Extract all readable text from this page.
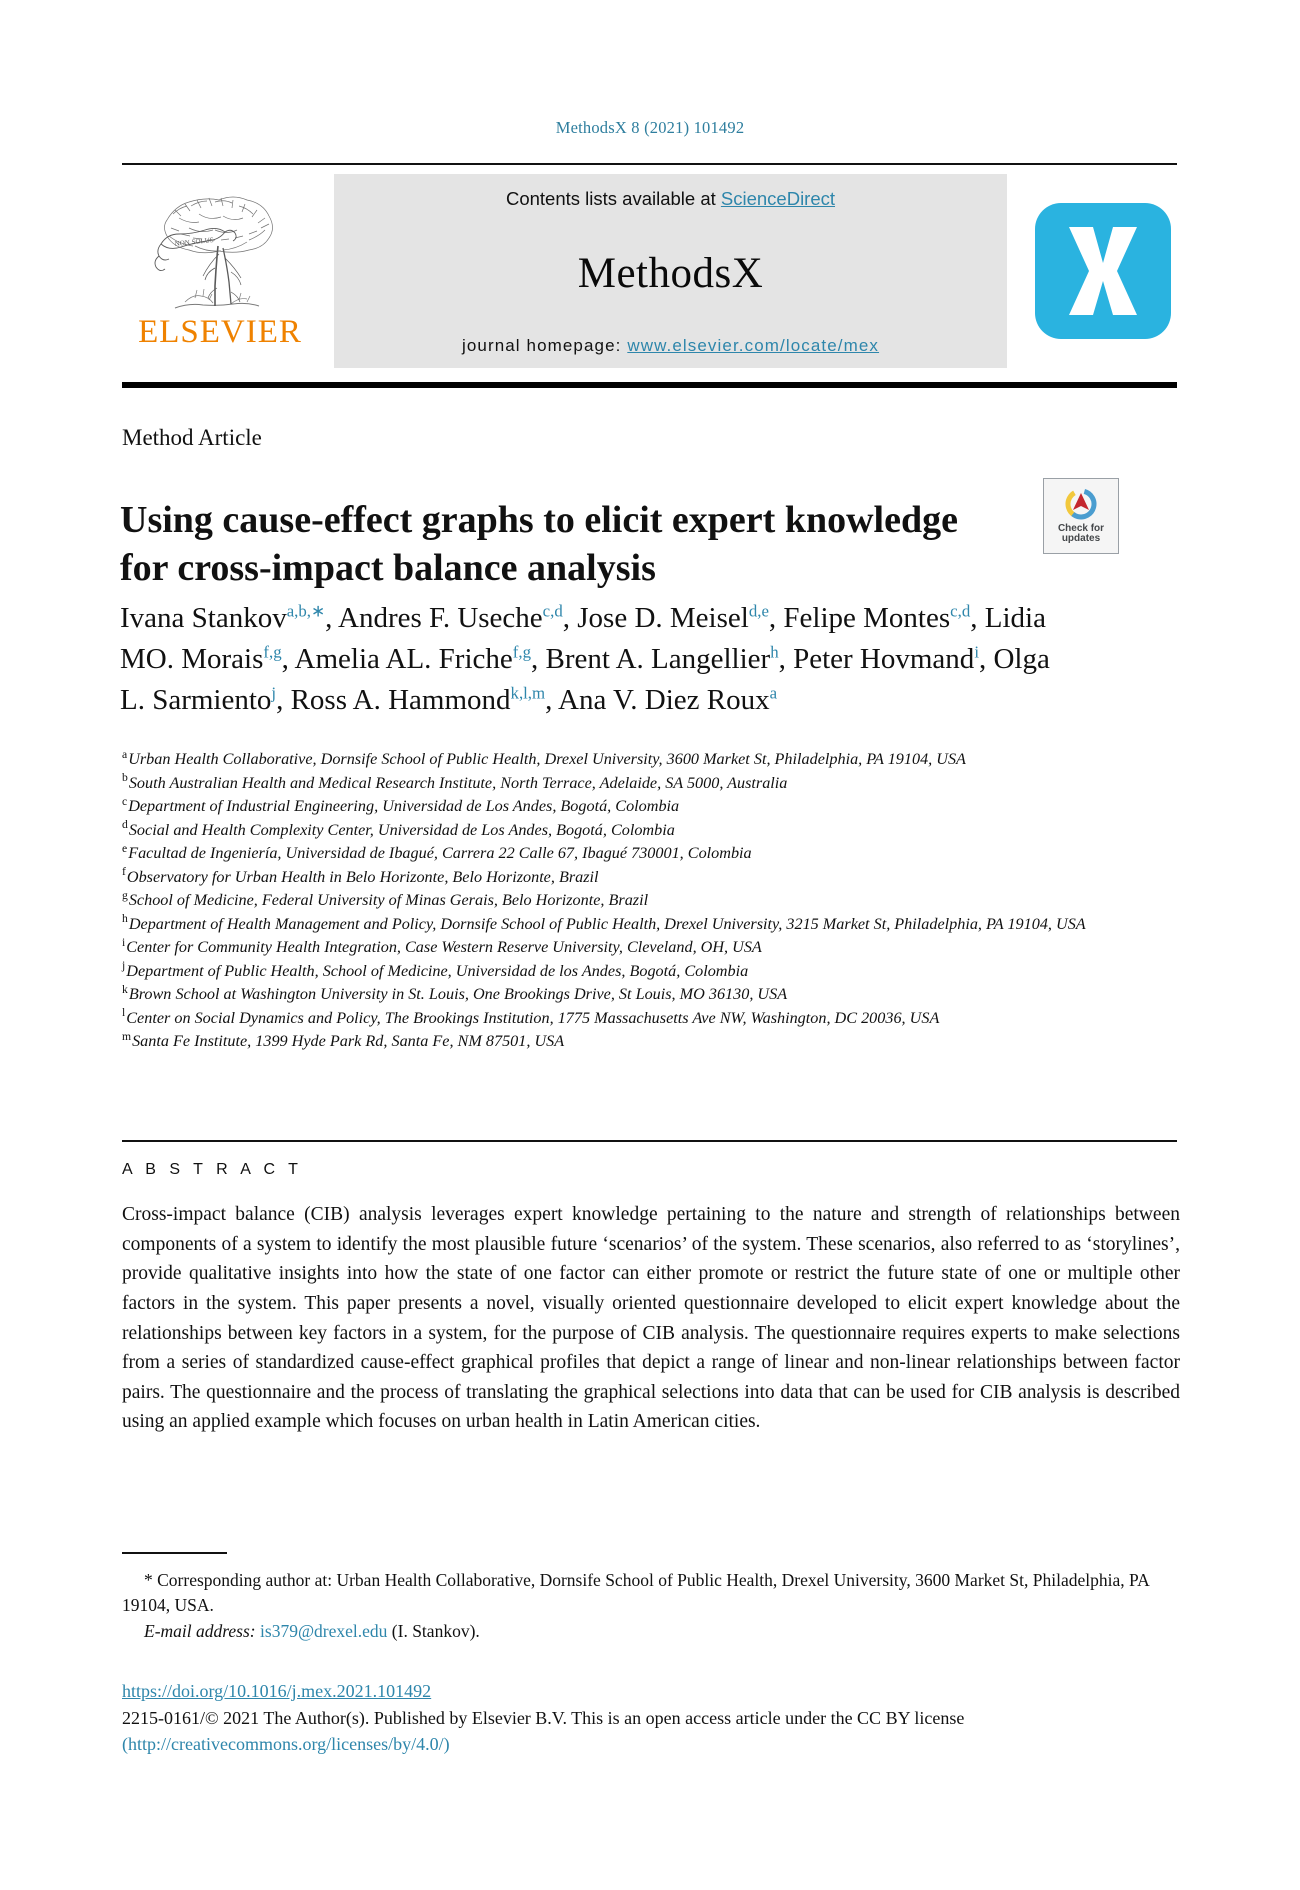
MethodsX 8 (2021) 101492
NON SOLUS
ELSEVIER
Contents lists available at ScienceDirect
MethodsX
journal homepage: www.elsevier.com/locate/mex
Method Article
Using cause-effect graphs to elicit expert knowledge for cross-impact balance analysis
Check for
updates
Ivana Stankov$^{a,b,∗}$, Andres F. Useche$^{c,d}$, Jose D. Meisel$^{d,e}$, Felipe Montes$^{c,d}$, Lidia MO. Morais$^{f,g}$, Amelia AL. Friche$^{f,g}$, Brent A. Langellier$^h$, Peter Hovmand$^i$, Olga L. Sarmiento$^j$, Ross A. Hammond$^{k,l,m}$, Ana V. Diez Roux$^a$
$^a$Urban Health Collaborative, Dornsife School of Public Health, Drexel University, 3600 Market St, Philadelphia, PA 19104, USA
$^b$South Australian Health and Medical Research Institute, North Terrace, Adelaide, SA 5000, Australia
$^c$Department of Industrial Engineering, Universidad de Los Andes, Bogotá, Colombia
$^d$Social and Health Complexity Center, Universidad de Los Andes, Bogotá, Colombia
$^e$Facultad de Ingeniería, Universidad de Ibagué, Carrera 22 Calle 67, Ibagué 730001, Colombia
$^f$Observatory for Urban Health in Belo Horizonte, Belo Horizonte, Brazil
$^g$School of Medicine, Federal University of Minas Gerais, Belo Horizonte, Brazil
$^h$Department of Health Management and Policy, Dornsife School of Public Health, Drexel University, 3215 Market St, Philadelphia, PA 19104, USA
$^i$Center for Community Health Integration, Case Western Reserve University, Cleveland, OH, USA
$^j$Department of Public Health, School of Medicine, Universidad de los Andes, Bogotá, Colombia
$^k$Brown School at Washington University in St. Louis, One Brookings Drive, St Louis, MO 36130, USA
$^l$Center on Social Dynamics and Policy, The Brookings Institution, 1775 Massachusetts Ave NW, Washington, DC 20036, USA
$^m$Santa Fe Institute, 1399 Hyde Park Rd, Santa Fe, NM 87501, USA
A B S T R A C T
Cross-impact balance (CIB) analysis leverages expert knowledge pertaining to the nature and strength of relationships between components of a system to identify the most plausible future ‘scenarios’ of the system. These scenarios, also referred to as ‘storylines’, provide qualitative insights into how the state of one factor can either promote or restrict the future state of one or multiple other factors in the system. This paper presents a novel, visually oriented questionnaire developed to elicit expert knowledge about the relationships between key factors in a system, for the purpose of CIB analysis. The questionnaire requires experts to make selections from a series of standardized cause-effect graphical profiles that depict a range of linear and non-linear relationships between factor pairs. The questionnaire and the process of translating the graphical selections into data that can be used for CIB analysis is described using an applied example which focuses on urban health in Latin American cities.
* Corresponding author at: Urban Health Collaborative, Dornsife School of Public Health, Drexel University, 3600 Market St, Philadelphia, PA 19104, USA.
E-mail address: is379@drexel.edu (I. Stankov).
https://doi.org/10.1016/j.mex.2021.101492
2215-0161/© 2021 The Author(s). Published by Elsevier B.V. This is an open access article under the CC BY license
(http://creativecommons.org/licenses/by/4.0/)
